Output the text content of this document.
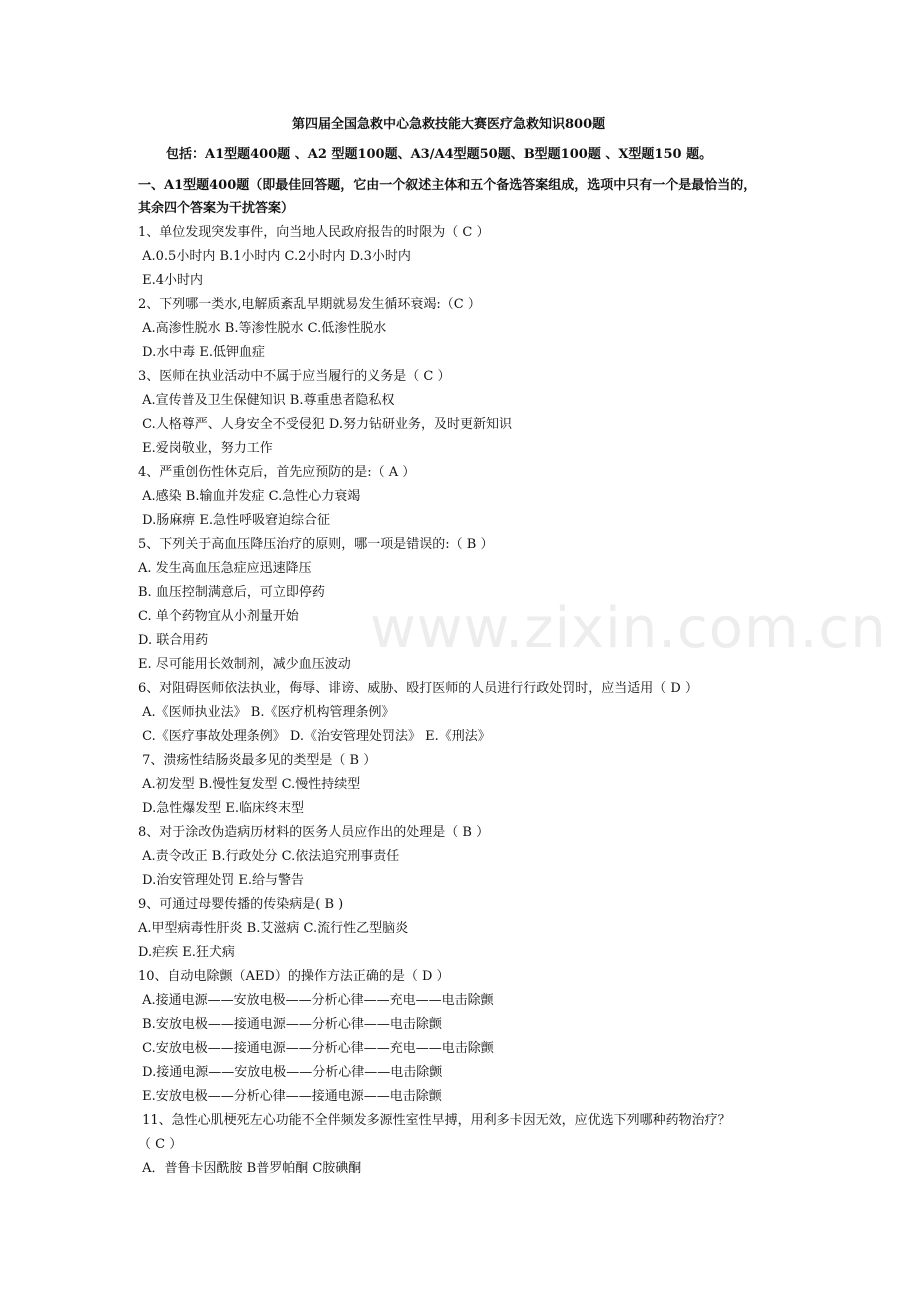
第四届全国急救中心急救技能大赛医疗急救知识800题
包括：A1型题400题 、A2 型题100题、A3/A4型题50题、B型题100题 、X型题150 题。
一、A1型题400题（即最佳回答题，它由一个叙述主体和五个备选答案组成，选项中只有一个是最恰当的，
其余四个答案为干扰答案）
1、单位发现突发事件，向当地人民政府报告的时限为（ C ）
A.0.5小时内 B.1小时内 C.2小时内 D.3小时内
E.4小时内
2、下列哪一类水,电解质紊乱早期就易发生循环衰竭:（C ）
A.高渗性脱水 B.等渗性脱水 C.低渗性脱水
D.水中毒 E.低钾血症
3、医师在执业活动中不属于应当履行的义务是（ C ）
A.宣传普及卫生保健知识 B.尊重患者隐私权
C.人格尊严、人身安全不受侵犯 D.努力钻研业务，及时更新知识
E.爱岗敬业，努力工作
4、严重创伤性休克后，首先应预防的是:（ A ）
A.感染 B.输血并发症 C.急性心力衰竭
D.肠麻痹 E.急性呼吸窘迫综合征
5、下列关于高血压降压治疗的原则，哪一项是错误的:（ B ）
A. 发生高血压急症应迅速降压
B. 血压控制满意后，可立即停药
C. 单个药物宜从小剂量开始
D. 联合用药
E. 尽可能用长效制剂，减少血压波动
6、对阻碍医师依法执业，侮辱、诽谤、威胁、殴打医师的人员进行行政处罚时，应当适用（ D ）
A.《医师执业法》 B.《医疗机构管理条例》
C.《医疗事故处理条例》 D.《治安管理处罚法》 E.《刑法》
7、溃疡性结肠炎最多见的类型是（ B ）
A.初发型 B.慢性复发型 C.慢性持续型
D.急性爆发型 E.临床终末型
8、对于涂改伪造病历材料的医务人员应作出的处理是（ B ）
A.责令改正 B.行政处分 C.依法追究刑事责任
D.治安管理处罚 E.给与警告
9、可通过母婴传播的传染病是( B )
A.甲型病毒性肝炎 B.艾滋病 C.流行性乙型脑炎
D.疟疾 E.狂犬病
10、自动电除颤（AED）的操作方法正确的是（ D ）
A.接通电源——安放电极——分析心律——充电——电击除颤
B.安放电极——接通电源——分析心律——电击除颤
C.安放电极——接通电源——分析心律——充电——电击除颤
D.接通电源——安放电极——分析心律——电击除颤
E.安放电极——分析心律——接通电源——电击除颤
11、急性心肌梗死左心功能不全伴频发多源性室性早搏，用利多卡因无效，应优选下列哪种药物治疗？
（ C ）
A．普鲁卡因酰胺 B普罗帕酮 C胺碘酮
www.zixin.com.cn
